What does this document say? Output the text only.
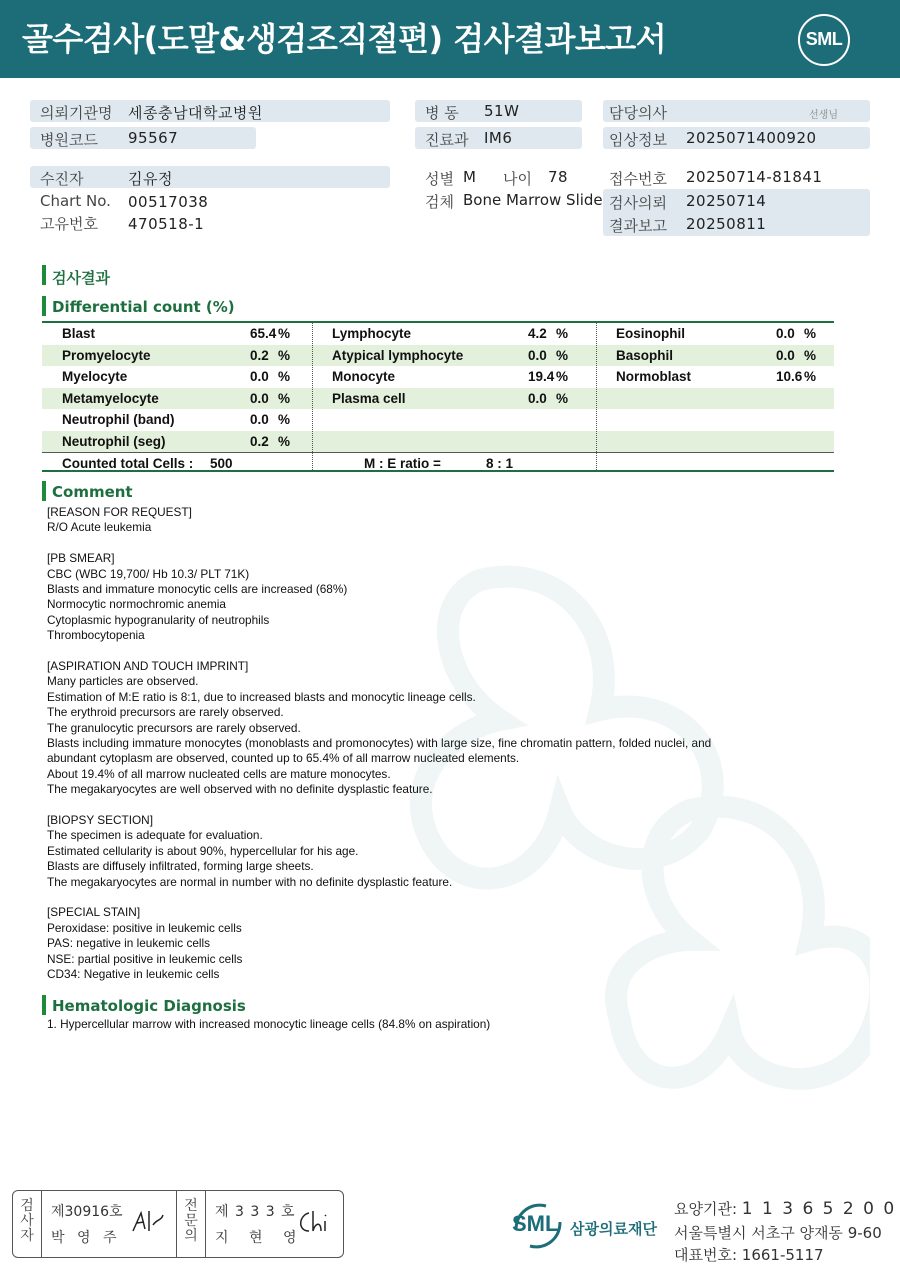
골수검사(도말&생검조직절편) 검사결과보고서	SML
의뢰기관명 세종충남대학교병원
병원코드 95567
병 동 51W
진료과 IM6
담당의사	선생님
임상정보 2025071400920
수진자	김유정
Chart No. 00517038
고유번호 470518-1
성별 M 나이 78
검체 Bone Marrow Slide
접수번호 20250714-81841
검사의뢰 20250714
결과보고 20250811
검사결과
Differential count (%)
Blast	65.4 %	Lymphocyte	4.2 %	Eosinophil	0.0 %
Promyelocyte	0.2 %	Atypical lymphocyte	0.0 %	Basophil	0.0 %
Myelocyte	0.0 %	Monocyte	19.4 %	Normoblast	10.6 %
Metamyelocyte	0.0 %	Plasma cell	0.0 %
Neutrophil (band)	0.0 %
Neutrophil (seg)	0.2 %
Counted total Cells : 500	M : E ratio =	8 : 1
Comment
[REASON FOR REQUEST]
R/O Acute leukemia
[PB SMEAR]
CBC (WBC 19,700/ Hb 10.3/ PLT 71K)
Blasts and immature monocytic cells are increased (68%)
Normocytic normochromic anemia
Cytoplasmic hypogranularity of neutrophils
Thrombocytopenia
[ASPIRATION AND TOUCH IMPRINT]
Many particles are observed.
Estimation of M:E ratio is 8:1, due to increased blasts and monocytic lineage cells.
The erythroid precursors are rarely observed.
The granulocytic precursors are rarely observed.
Blasts including immature monocytes (monoblasts and promonocytes) with large size, fine chromatin pattern, folded nuclei, and
abundant cytoplasm are observed, counted up to 65.4% of all marrow nucleated elements.
About 19.4% of all marrow nucleated cells are mature monocytes.
The megakaryocytes are well observed with no definite dysplastic feature.
[BIOPSY SECTION]
The specimen is adequate for evaluation.
Estimated cellularity is about 90%, hypercellular for his age.
Blasts are diffusely infiltrated, forming large sheets.
The megakaryocytes are normal in number with no definite dysplastic feature.
[SPECIAL STAIN]
Peroxidase: positive in leukemic cells
PAS: negative in leukemic cells
NSE: partial positive in leukemic cells
CD34: Negative in leukemic cells
Hematologic Diagnosis
1. Hypercellular marrow with increased monocytic lineage cells (84.8% on aspiration)
검사자
제30916호
박 영 주
전문의
제 3 3 3 호
지 현 영
SML 삼광의료재단
요양기관: 1 1 3 6 5 2 0 0
서울특별시 서초구 양재동 9-60
대표번호: 1661-5117
